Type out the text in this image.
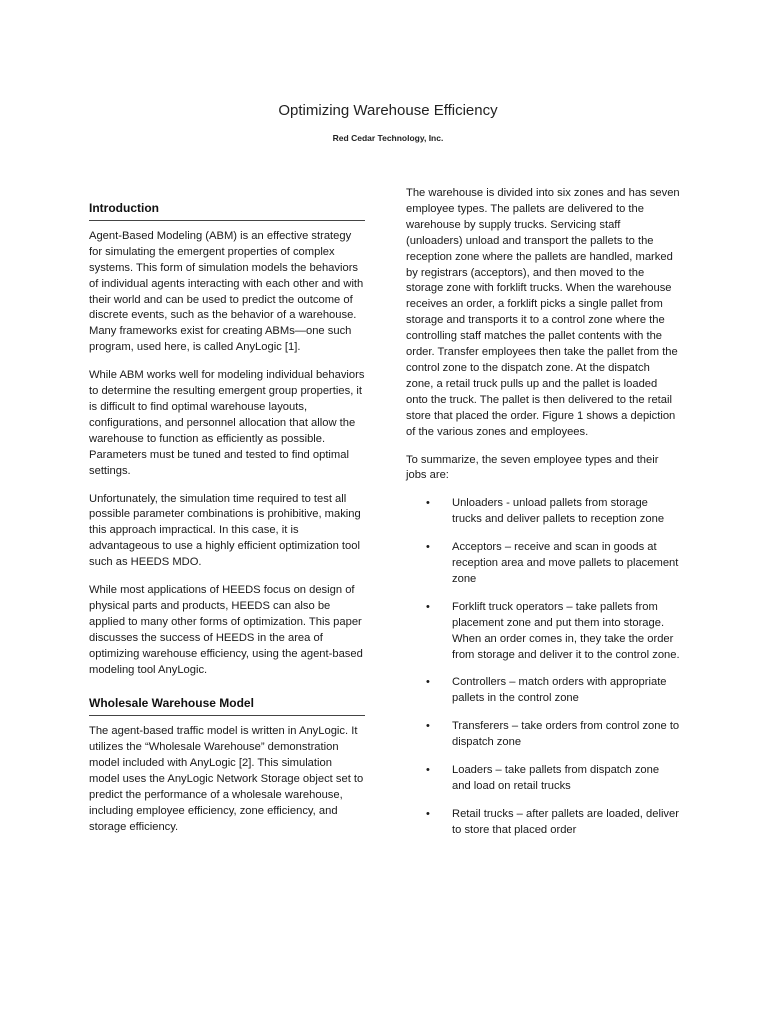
Optimizing Warehouse Efficiency
Red Cedar Technology, Inc.
Introduction

Agent-Based Modeling (ABM) is an effective strategy for simulating the emergent properties of complex systems. This form of simulation models the behaviors of individual agents interacting with each other and with their world and can be used to predict the outcome of discrete events, such as the behavior of a warehouse. Many frameworks exist for creating ABMs—one such program, used here, is called AnyLogic [1].

While ABM works well for modeling individual behaviors to determine the resulting emergent group properties, it is difficult to find optimal warehouse layouts, configurations, and personnel allocation that allow the warehouse to function as efficiently as possible. Parameters must be tuned and tested to find optimal settings.

Unfortunately, the simulation time required to test all possible parameter combinations is prohibitive, making this approach impractical. In this case, it is advantageous to use a highly efficient optimization tool such as HEEDS MDO.

While most applications of HEEDS focus on design of physical parts and products, HEEDS can also be applied to many other forms of optimization. This paper discusses the success of HEEDS in the area of optimizing warehouse efficiency, using the agent-based modeling tool AnyLogic.

Wholesale Warehouse Model

The agent-based traffic model is written in AnyLogic. It utilizes the “Wholesale Warehouse” demonstration model included with AnyLogic [2]. This simulation model uses the AnyLogic Network Storage object set to predict the performance of a wholesale warehouse, including employee efficiency, zone efficiency, and storage efficiency.

The warehouse is divided into six zones and has seven employee types. The pallets are delivered to the warehouse by supply trucks. Servicing staff (unloaders) unload and transport the pallets to the reception zone where the pallets are handled, marked by registrars (acceptors), and then moved to the storage zone with forklift trucks. When the warehouse receives an order, a forklift picks a single pallet from storage and transports it to a control zone where the controlling staff matches the pallet contents with the order. Transfer employees then take the pallet from the control zone to the dispatch zone. At the dispatch zone, a retail truck pulls up and the pallet is loaded onto the truck. The pallet is then delivered to the retail store that placed the order. Figure 1 shows a depiction of the various zones and employees.

To summarize, the seven employee types and their jobs are:

• Unloaders - unload pallets from storage trucks and deliver pallets to reception zone
• Acceptors – receive and scan in goods at reception area and move pallets to placement zone
• Forklift truck operators – take pallets from placement zone and put them into storage. When an order comes in, they take the order from storage and deliver it to the control zone.
• Controllers – match orders with appropriate pallets in the control zone
• Transferers – take orders from control zone to dispatch zone
• Loaders – take pallets from dispatch zone and load on retail trucks
• Retail trucks – after pallets are loaded, deliver to store that placed order
